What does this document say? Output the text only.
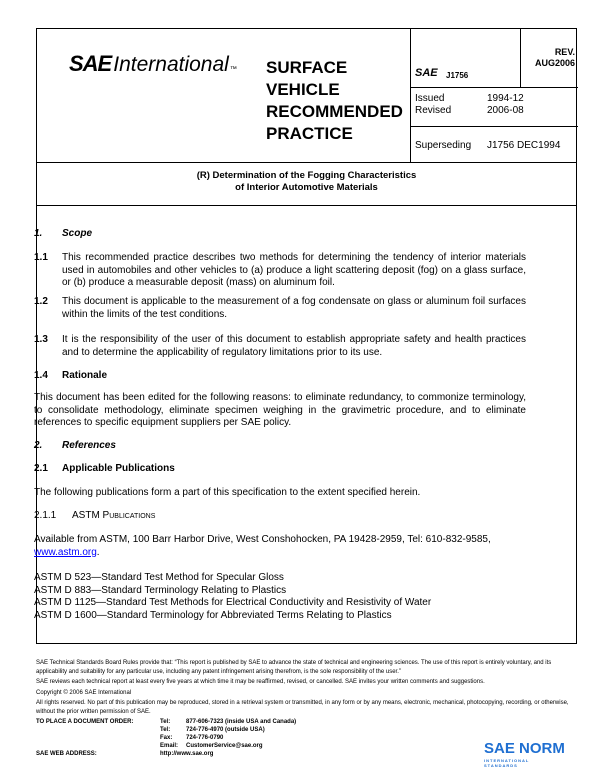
SAE International ™ SURFACE
VEHICLE
RECOMMENDED
PRACTICE
SAE J1756
REV.
AUG2006
Issued	1994-12
Revised	2006-08
Superseding J1756 DEC1994
(R) Determination of the Fogging Characteristics
of Interior Automotive Materials
1. Scope
1.1 This recommended practice describes two methods for determining the tendency of interior materials used in automobiles and other vehicles to (a) produce a light scattering deposit (fog) on a glass surface, or (b) produce a measurable deposit (mass) on aluminum foil.
1.2 This document is applicable to the measurement of a fog condensate on glass or aluminum foil surfaces within the limits of the test conditions.
1.3 It is the responsibility of the user of this document to establish appropriate safety and health practices and to determine the applicability of regulatory limitations prior to its use.
1.4 Rationale
This document has been edited for the following reasons: to eliminate redundancy, to commonize terminology, to consolidate methodology, eliminate specimen weighing in the gravimetric procedure, and to eliminate references to specific equipment suppliers per SAE policy.
2. References
2.1 Applicable Publications
The following publications form a part of this specification to the extent specified herein.
2.1.1 ASTM Publications
Available from ASTM, 100 Barr Harbor Drive, West Conshohocken, PA 19428-2959, Tel: 610-832-9585,
www.astm.org.
ASTM D 523—Standard Test Method for Specular Gloss
ASTM D 883—Standard Terminology Relating to Plastics
ASTM D 1125—Standard Test Methods for Electrical Conductivity and Resistivity of Water
ASTM D 1600—Standard Terminology for Abbreviated Terms Relating to Plastics

SAE Technical Standards Board Rules provide that: “This report is published by SAE to advance the state of technical and engineering sciences. The use of this report is entirely voluntary, and its applicability and suitability for any particular use, including any patent infringement arising therefrom, is the sole responsibility of the user.”

SAE reviews each technical report at least every five years at which time it may be reaffirmed, revised, or cancelled. SAE invites your written comments and suggestions.

Copyright © 2006 SAE International

All rights reserved. No part of this publication may be reproduced, stored in a retrieval system or transmitted, in any form or by any means, electronic, mechanical, photocopying, recording, or otherwise, without the prior written permission of SAE.

TO PLACE A DOCUMENT ORDER:	Tel:	877-606-7323 (inside USA and Canada)
Tel:	724-776-4970 (outside USA)
Fax: 724-776-0790
Email: CustomerService@sae.org
SAE WEB ADDRESS:	http://www.sae.org	SAE NORM
INTERNATIONAL STANDARDS
